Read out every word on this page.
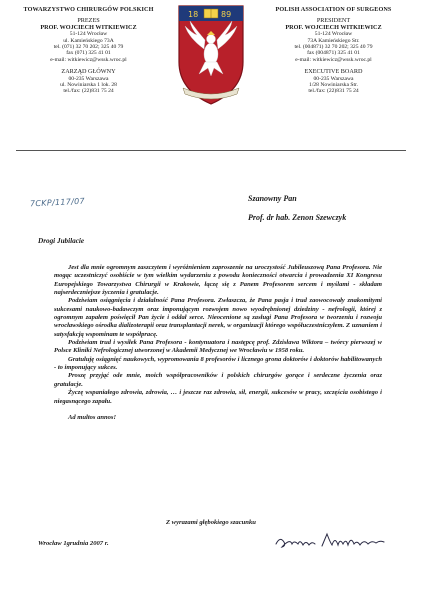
TOWARZYSTWO CHIRURGÓW POLSKICH
PREZES
PROF. WOJCIECH WITKIEWICZ
51-124 Wrocław
ul. Kamieńskiego 73A
tel. (071) 32 70 202; 325 40 79
fax (071) 325 41 01
e-mail: witkiewicz@wssk.wroc.pl
ZARZĄD GŁÓWNY
00-235 Warszawa
ul. Nowiniarska 1 lok. 28
tel./fax: (22)831 75 24
18	89
POLISH ASSOCIATION OF SURGEONS
PRESIDENT
PROF. WOJCIECH WITKIEWICZ
51-124 Wrocław
73A Kamieńskiego Str.
tel. (004871) 32 70 202; 325 40 79
fax (004871) 325 41 01
e-mail: witkiewicz@wssk.wroc.pl
EXECUTIVE BOARD
00-235 Warszawa
1/28 Nowiniarska Str.
tel./fax: (22)831 75 24
7CKP/117/07	Szanowny Pan
Prof. dr hab. Zenon Szewczyk
Drogi Jubilacie

Jest dla mnie ogromnym zaszczytem i wyróżnieniem zaproszenie na uroczystość Jubileuszową Pana Profesora. Nie mogąc uczestniczyć osobiście w tym wielkim wydarzeniu z powodu konieczności otwarcia i prowadzenia XI Kongresu Europejskiego Towarzystwa Chirurgii w Krakowie, łączę się z Panem Profesorem sercem i myślami - składam najserdeczniejsze życzenia i gratulacje.

Podziwiam osiągnięcia i działalność Pana Profesora. Zwłaszcza, że Pana pasja i trud zaowocowały znakomitymi sukcesami naukowo-badawczym oraz imponującym rozwojem nowo wyodrębnionej dziedziny - nefrologii, której z ogromnym zapałem poświęcił Pan życie i oddał serce. Nieocenione są zasługi Pana Profesora w tworzeniu i rozwoju wrocławskiego ośrodka dializoterapii oraz transplantacji nerek, w organizacji którego współuczestniczyłem. Z uznaniem i satysfakcją wspominam te współpracę.

Podziwiam trud i wysiłek Pana Profesora - kontynuatora i następcę prof. Zdzisława Wiktora – twórcy pierwszej w Polsce Kliniki Nefrologicznej utworzonej w Akademii Medycznej we Wrocławiu w 1958 roku.

Gratuluję osiągnięć naukowych, wypromowania 8 profesorów i licznego grona doktorów i doktorów habilitowanych - to imponujący sukces.

Proszę przyjąć ode mnie, moich współpracowników i polskich chirurgów gorące i serdeczne życzenia oraz gratulacje.

Życzę wspaniałego zdrowia, zdrowia, … i jeszcze raz zdrowia, sił, energii, sukcesów w pracy, szczęścia osobistego i niegasnącego zapału.

Ad multos annos!

Z wyrazami głębokiego szacunku
Wrocław 1grudnia 2007 r.
